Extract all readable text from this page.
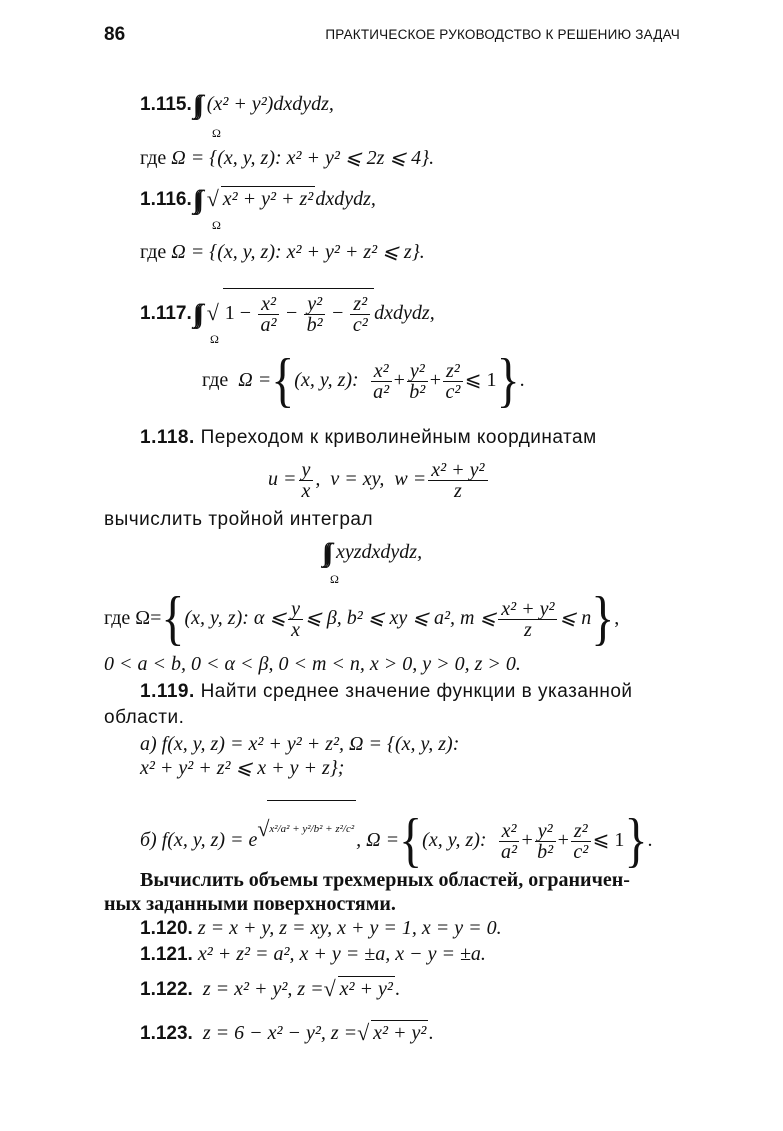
86	ПРАКТИЧЕСКОЕ РУКОВОДСТВО К РЕШЕНИЮ ЗАДАЧ
1.115. (x² + y²)dxdydz,
Ω
где Ω = {(x, y, z): x² + y² ⩽ 2z ⩽ 4}.
1.116. √ x² + y² + z² dxdydz,
Ω
где Ω = {(x, y, z): x² + y² + z² ⩽ z}.
1.117. √ $1 - \frac{\text{x²}}{\text{a²}} - \frac{\text{y²}}{\text{b²}} - \frac{\text{z²}}{\text{c²}}$ dxdydz,
Ω
где Ω ={(x, y, z): $\frac{\text{x²}}{\text{a²}} + \frac{\text{y²}}{\text{b²}} + \frac{\text{z²}}{\text{c²}}$ ⩽ 1}.
1.118. Переходом к криволинейным координатам
$u = \frac{y}{x}$ ,  v = xy, $w = \frac{\text{x² + y²}}{z}$
вычислить тройной интеграл
xyzdxdydz,
Ω
где Ω={(x, y, z): α ⩽ $\frac{y}{x}$ ⩽ β, b² ⩽ xy ⩽ a², m ⩽ $\frac{\text{x² + y²}}{z}$ ⩽ n},
0 < a < b, 0 < α < β, 0 < m < n, x > 0, y > 0, z > 0.
1.119. Найти среднее значение функции в указанной
области.
а) f(x, y, z) = x² + y² + z², Ω = {(x, y, z):
x² + y² + z² ⩽ x + y + z};
б) f(x, y, z) = e √ x²/a² + y²/b² + z²/c² , Ω ={(x, y, z): $\frac{\text{x²}}{\text{a²}} + \frac{\text{y²}}{\text{b²}} + \frac{\text{z²}}{\text{c²}}$ ⩽ 1}.
Вычислить объемы трехмерных областей, ограничен-
ных заданными поверхностями.
1.120. z = x + y, z = xy, x + y = 1, x = y = 0.
1.121. x² + z² = a², x + y = ±a, x − y = ±a.
1.122. z = x² + y², z = √ x² + y² .
1.123. z = 6 − x² − y², z = √ x² + y² .
